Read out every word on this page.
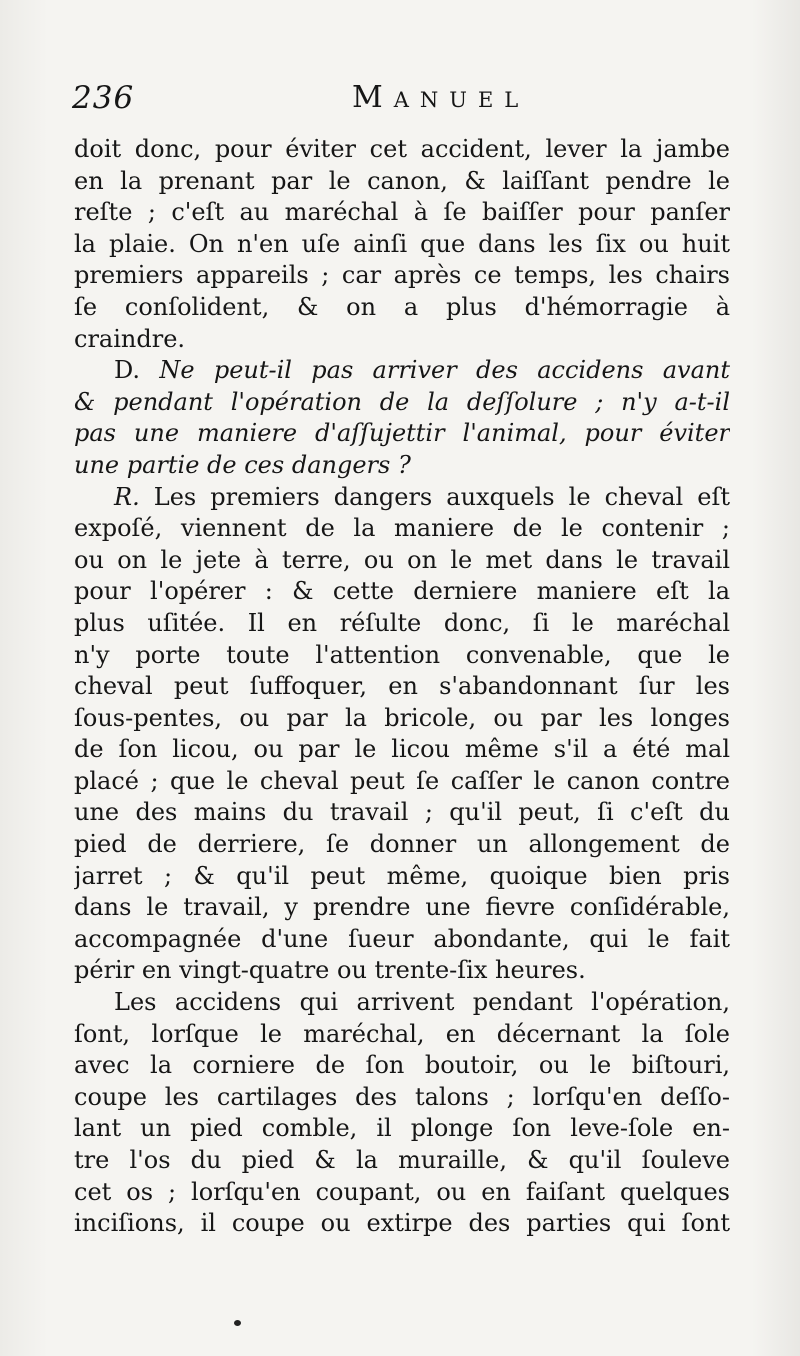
236	Manuel
doit donc, pour éviter cet accident, lever la jambe
en la prenant par le canon, & laiſſant pendre le
reſte ; c'eſt au maréchal à ſe baiſſer pour panſer
la plaie. On n'en uſe ainſi que dans les ſix ou huit
premiers appareils ; car après ce temps, les chairs
ſe conſolident, & on a plus d'hémorragie à
craindre.
D. Ne peut-il pas arriver des accidens avant
& pendant l'opération de la deſſolure ; n'y a-t-il
pas une maniere d'aſſujettir l'animal, pour éviter
une partie de ces dangers ?
R. Les premiers dangers auxquels le cheval eſt
expoſé, viennent de la maniere de le contenir ;
ou on le jete à terre, ou on le met dans le travail
pour l'opérer : & cette derniere maniere eſt la
plus uſitée. Il en réſulte donc, ſi le maréchal
n'y porte toute l'attention convenable, que le
cheval peut ſuffoquer, en s'abandonnant ſur les
ſous-pentes, ou par la bricole, ou par les longes
de ſon licou, ou par le licou même s'il a été mal
placé ; que le cheval peut ſe caſſer le canon contre
une des mains du travail ; qu'il peut, ſi c'eſt du
pied de derriere, ſe donner un allongement de
jarret ; & qu'il peut même, quoique bien pris
dans le travail, y prendre une fievre conſidérable,
accompagnée d'une ſueur abondante, qui le fait
périr en vingt-quatre ou trente-ſix heures.
Les accidens qui arrivent pendant l'opération,
ſont, lorſque le maréchal, en décernant la ſole
avec la corniere de ſon boutoir, ou le biſtouri,
coupe les cartilages des talons ; lorſqu'en deſſo-
lant un pied comble, il plonge ſon leve-ſole en-
tre l'os du pied & la muraille, & qu'il ſouleve
cet os ; lorſqu'en coupant, ou en faiſant quelques
inciſions, il coupe ou extirpe des parties qui ſont
